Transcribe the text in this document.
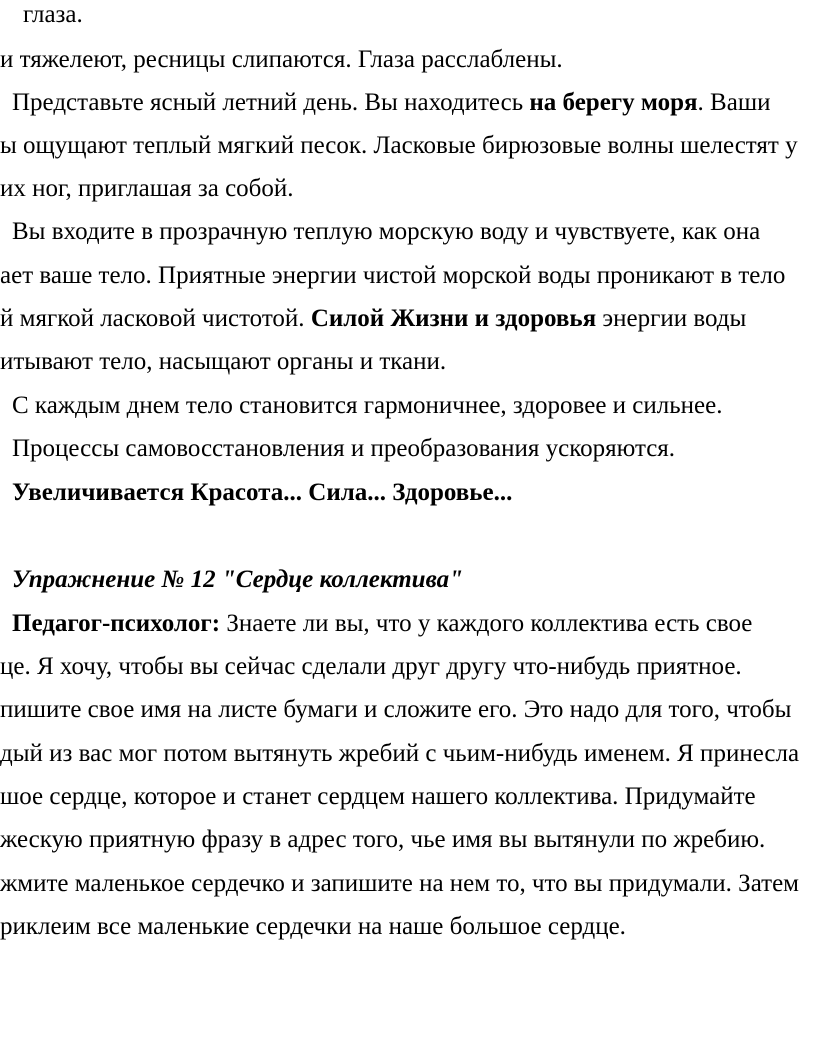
глаза.
и тяжелеют, ресницы слипаются. Глаза расслаблены.
Представьте ясный летний день. Вы находитесь на берегу моря. Ваши
ы ощущают теплый мягкий песок. Ласковые бирюзовые волны шелестят у
их ног, приглашая за собой.
Вы входите в прозрачную теплую морскую воду и чувствуете, как она
ает ваше тело. Приятные энергии чистой морской воды проникают в тело
й мягкой ласковой чистотой. Силой Жизни и здоровья энергии воды
итывают тело, насыщают органы и ткани.
С каждым днем тело становится гармоничнее, здоровее и сильнее.
Процессы самовосстановления и преобразования ускоряются.
Увеличивается Красота... Сила... Здоровье...
Упражнение № 12 "Сердце коллектива"
Педагог-психолог: Знаете ли вы, что у каждого коллектива есть свое
це. Я хочу, чтобы вы сейчас сделали друг другу что-нибудь приятное.
пишите свое имя на листе бумаги и сложите его. Это надо для того, чтобы
дый из вас мог потом вытянуть жребий с чьим-нибудь именем. Я принесла
шое сердце, которое и станет сердцем нашего коллектива. Придумайте
жескую приятную фразу в адрес того, чье имя вы вытянули по жребию.
жмите маленькое сердечко и запишите на нем то, что вы придумали. Затем
риклеим все маленькие сердечки на наше большое сердце.
